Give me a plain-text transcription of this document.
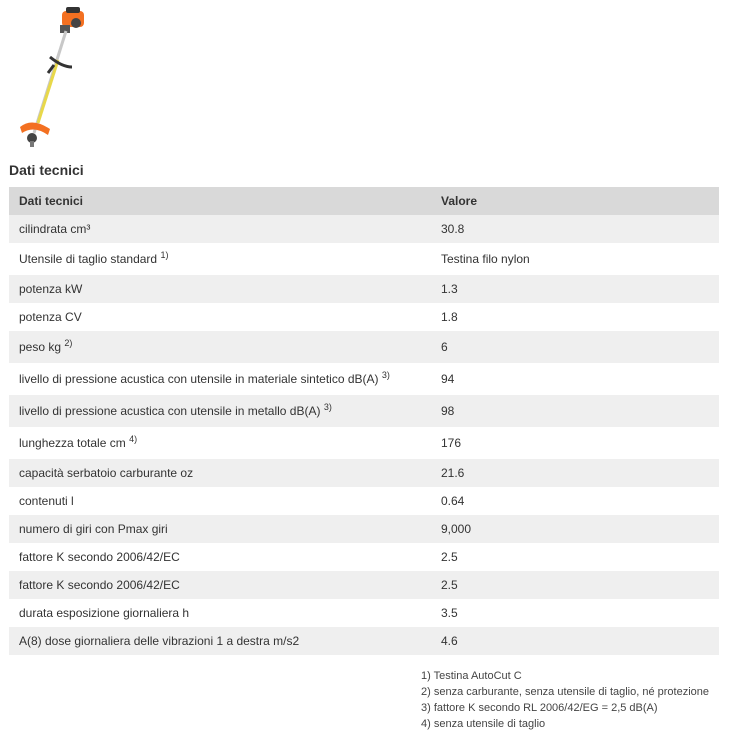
Dati tecnici
Dati tecnici	Valore
cilindrata cm³	30.8
Utensile di taglio standard $^{1)}$	Testina filo nylon
potenza kW	1.3
potenza CV	1.8
peso kg $^{2)}$	6
livello di pressione acustica con utensile in materiale sintetico dB(A) $^{3)}$	94
livello di pressione acustica con utensile in metallo dB(A) $^{3)}$	98
lunghezza totale cm $^{4)}$	176
capacità serbatoio carburante oz	21.6
contenuti l	0.64
numero di giri con Pmax giri	9,000
fattore K secondo 2006/42/EC	2.5
fattore K secondo 2006/42/EC	2.5
durata esposizione giornaliera h	3.5
A(8) dose giornaliera delle vibrazioni 1 a destra m/s2	4.6
1) Testina AutoCut C
2) senza carburante, senza utensile di taglio, né protezione
3) fattore K secondo RL 2006/42/EG = 2,5 dB(A)
4) senza utensile di taglio
